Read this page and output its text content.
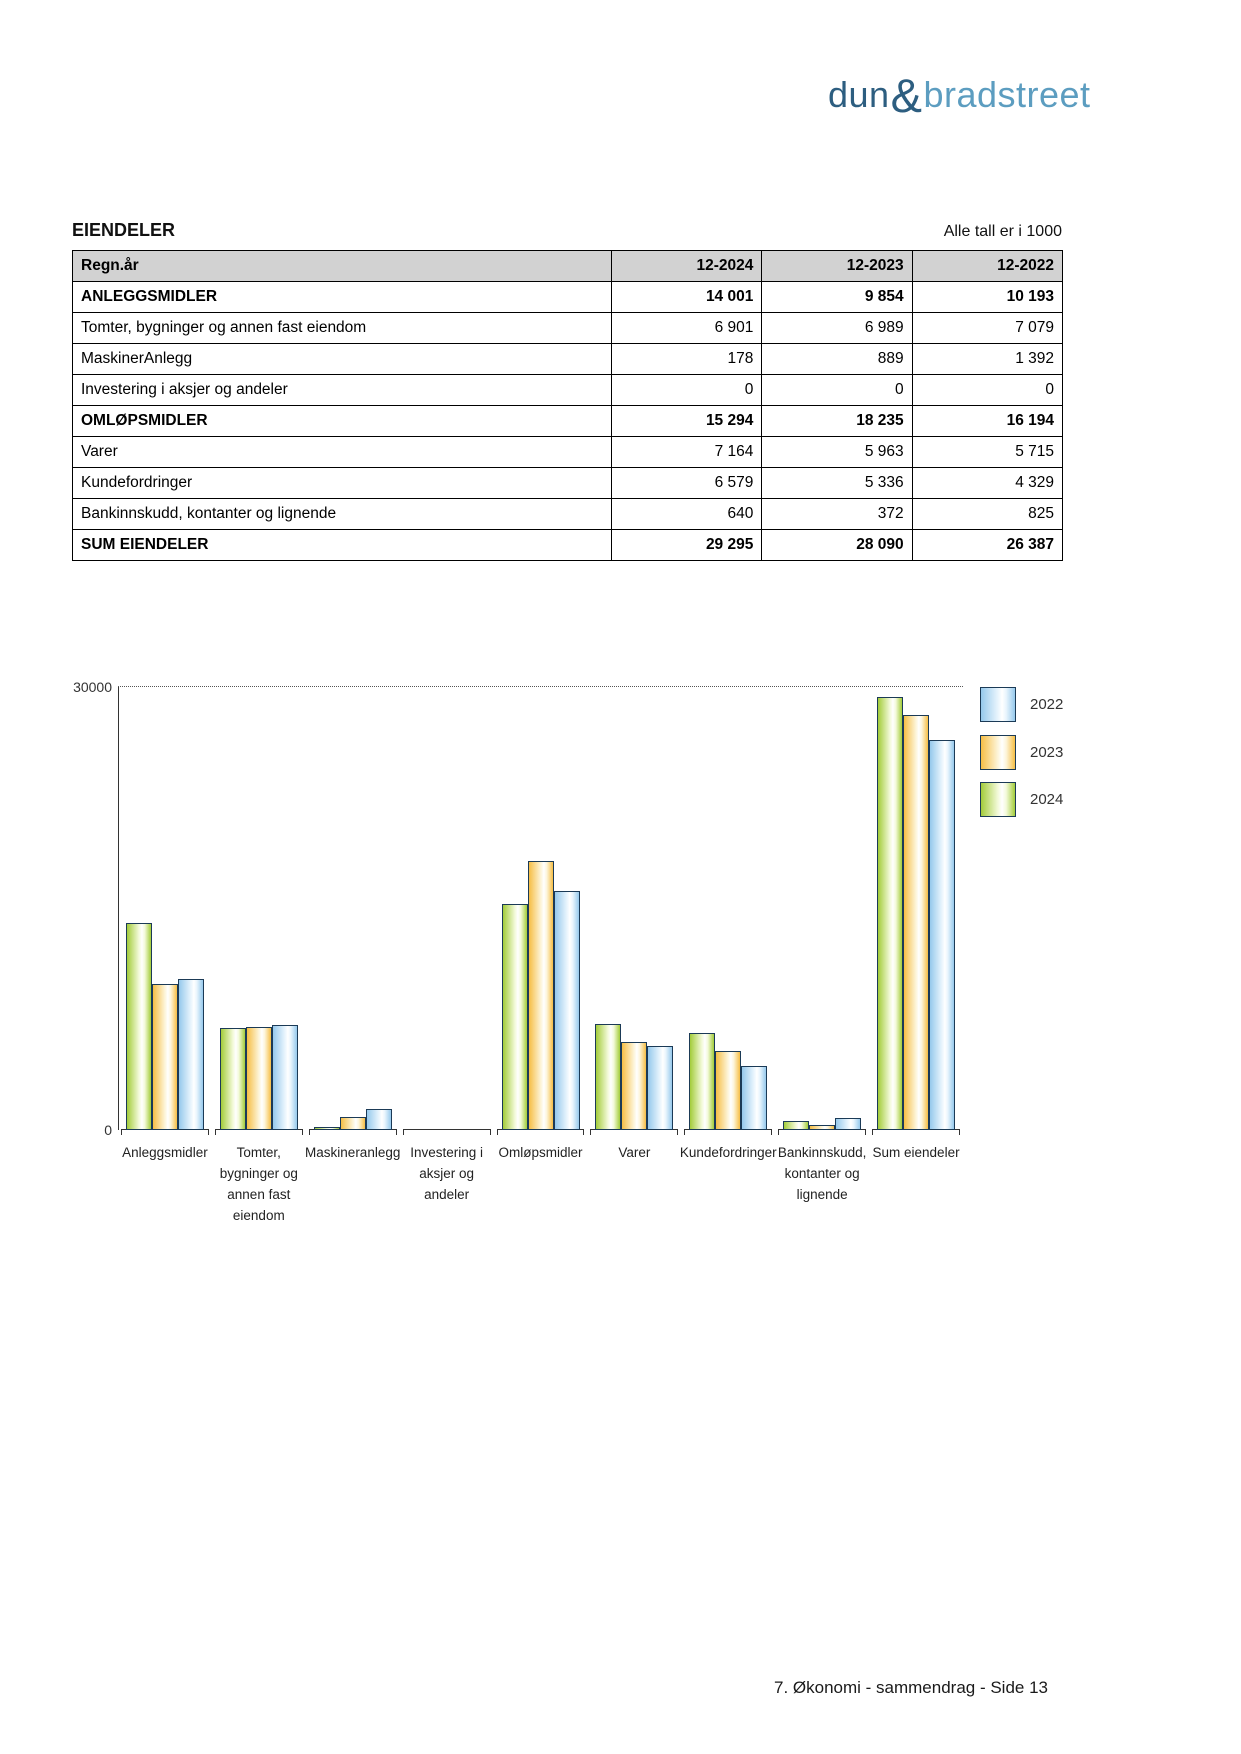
dun&bradstreet
EIENDELER	Alle tall er i 1000
Regn.år	12-2024	12-2023	12-2022
ANLEGGSMIDLER	14 001	9 854	10 193
Tomter, bygninger og annen fast eiendom	6 901	6 989	7 079
MaskinerAnlegg	178	889	1 392
Investering i aksjer og andeler	0	0	0
OMLØPSMIDLER	15 294	18 235	16 194
Varer	7 164	5 963	5 715
Kundefordringer	6 579	5 336	4 329
Bankinnskudd, kontanter og lignende	640	372	825
SUM EIENDELER	29 295	28 090	26 387
30000
0
Anleggsmidler	Tomter,
bygninger og
annen fast
eiendom
Maskineranlegg Investering i
aksjer og
andeler
Omløpsmidler	Varer	Kundefordringer Bankinnskudd,
kontanter og
lignende
Sum eiendeler
2022
2023
2024
7. Økonomi - sammendrag - Side 13
